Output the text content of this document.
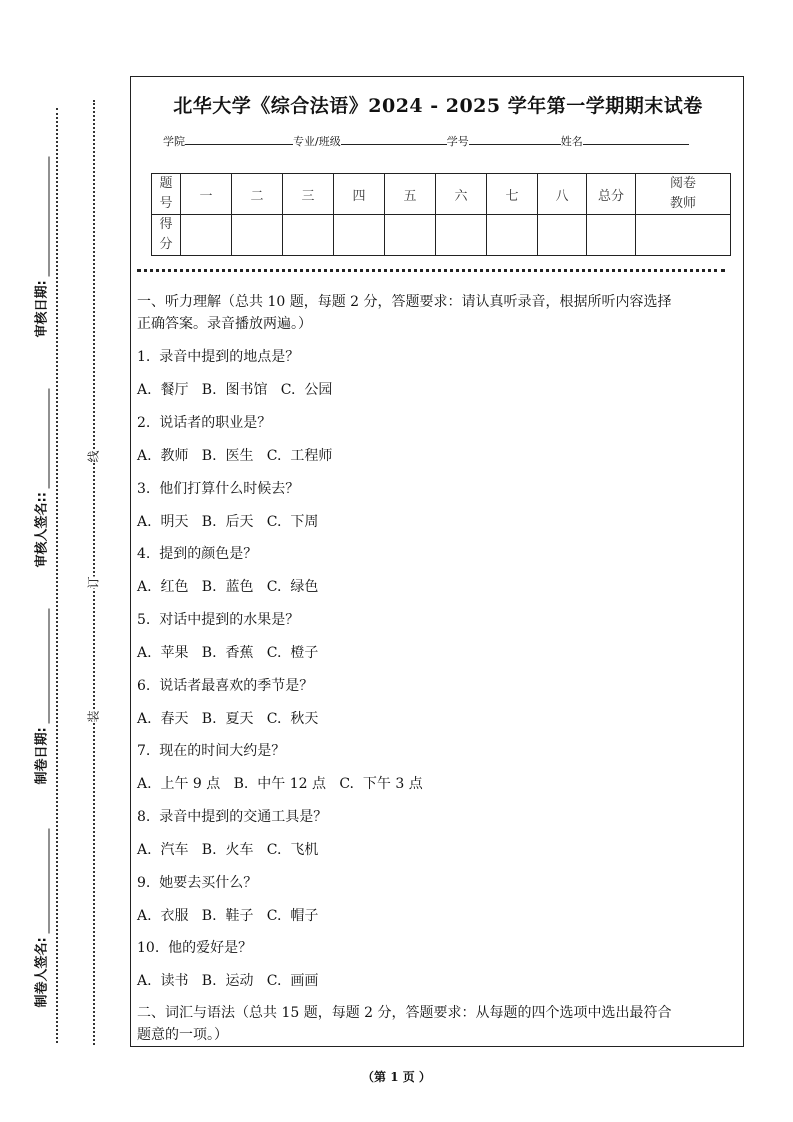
审核日期:
审核人签名::
制卷日期:
制卷人签名:
线
订
装
北华大学《综合法语》2024 - 2025 学年第一学期期末试卷
学院	专业/班级	学号	姓名
题
号	一	二	三	四	五	六	七	八	总分	阅卷
教师
得
分										

一、听力理解（总共 10 题，每题 2 分，答题要求：请认真听录音，根据所听内容选择

正确答案。录音播放两遍。）

1.  录音中提到的地点是？
A.  餐厅   B.  图书馆   C.  公园
2.  说话者的职业是？
A.  教师   B.  医生   C.  工程师
3.  他们打算什么时候去？
A.  明天   B.  后天   C.  下周
4.  提到的颜色是？
A.  红色   B.  蓝色   C.  绿色
5.  对话中提到的水果是？
A.  苹果   B.  香蕉   C.  橙子
6.  说话者最喜欢的季节是？
A.  春天   B.  夏天   C.  秋天
7.  现在的时间大约是？
A.  上午 9 点   B.  中午 12 点   C.  下午 3 点
8.  录音中提到的交通工具是？
A.  汽车   B.  火车   C.  飞机
9.  她要去买什么？
A.  衣服   B.  鞋子   C.  帽子
10.  他的爱好是？
A.  读书   B.  运动   C.  画画

二、词汇与语法（总共 15 题，每题 2 分，答题要求：从每题的四个选项中选出最符合

题意的一项。）

（第 1 页 ）
